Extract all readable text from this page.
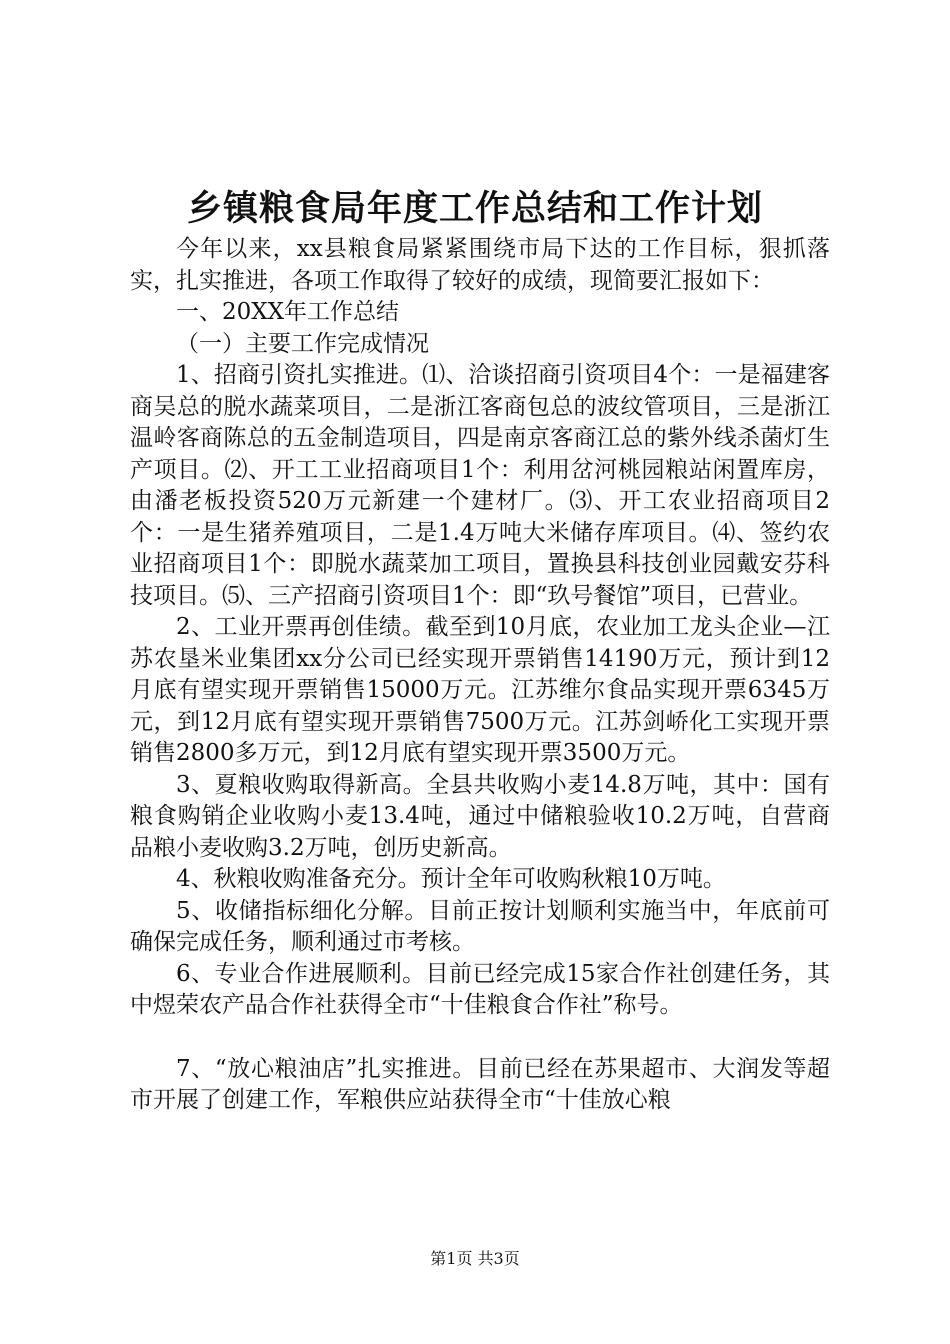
乡镇粮食局年度工作总结和工作计划

今年以来，xx县粮食局紧紧围绕市局下达的工作目标，狠抓落实，扎实推进，各项工作取得了较好的成绩，现简要汇报如下：

一、20XX年工作总结

（一）主要工作完成情况

1、招商引资扎实推进。⑴、洽谈招商引资项目4个：一是福建客商吴总的脱水蔬菜项目，二是浙江客商包总的波纹管项目，三是浙江温岭客商陈总的五金制造项目，四是南京客商江总的紫外线杀菌灯生产项目。⑵、开工工业招商项目1个：利用岔河桃园粮站闲置库房，由潘老板投资520万元新建一个建材厂。⑶、开工农业招商项目2个：一是生猪养殖项目，二是1.4万吨大米储存库项目。⑷、签约农业招商项目1个：即脱水蔬菜加工项目，置换县科技创业园戴安芬科技项目。⑸、三产招商引资项目1个：即“玖号餐馆”项目，已营业。

2、工业开票再创佳绩。截至到10月底，农业加工龙头企业—江苏农垦米业集团xx分公司已经实现开票销售14190万元，预计到12月底有望实现开票销售15000万元。江苏维尔食品实现开票6345万元，到12月底有望实现开票销售7500万元。江苏剑峤化工实现开票销售2800多万元，到12月底有望实现开票3500万元。

3、夏粮收购取得新高。全县共收购小麦14.8万吨，其中：国有粮食购销企业收购小麦13.4吨，通过中储粮验收10.2万吨，自营商品粮小麦收购3.2万吨，创历史新高。

4、秋粮收购准备充分。预计全年可收购秋粮10万吨。

5、收储指标细化分解。目前正按计划顺利实施当中，年底前可确保完成任务，顺利通过市考核。

6、专业合作进展顺利。目前已经完成15家合作社创建任务，其中煜荣农产品合作社获得全市“十佳粮食合作社”称号。

7、“放心粮油店”扎实推进。目前已经在苏果超市、大润发等超市开展了创建工作，军粮供应站获得全市“十佳放心粮

第1页 共3页
